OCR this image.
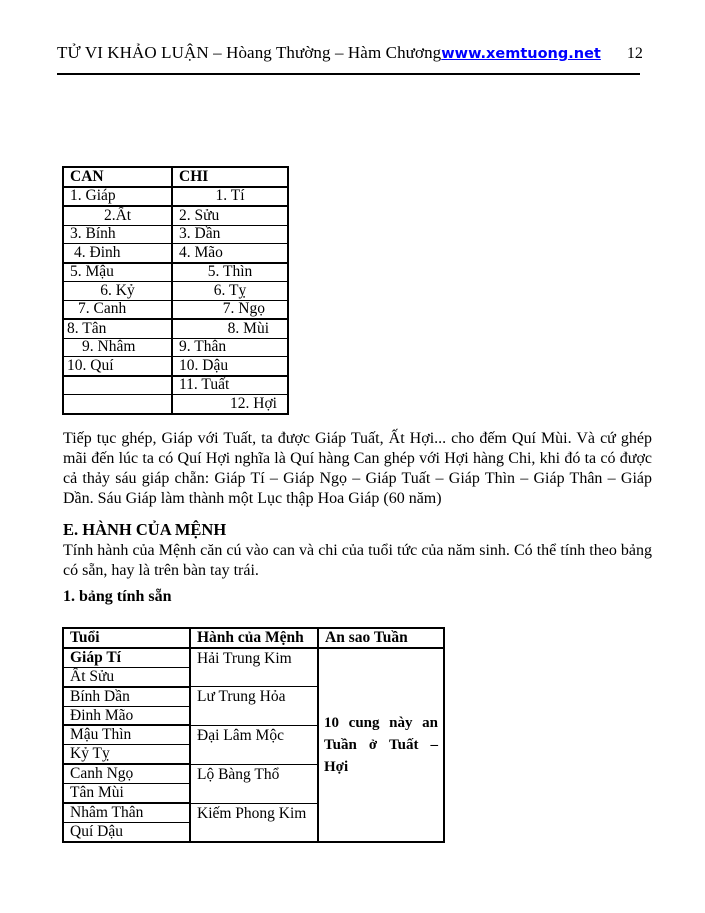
TỬ VI KHẢO LUẬN – Hòang Thường – Hàm Chương www.xemtuong.net 12
CAN	CHI
1. Giáp	1. Tí
2.Ất	2. Sửu
3. Bính	3. Dần
4. Đinh	4. Mão
5. Mậu	5. Thìn
6. Kỷ	6. Tỵ
7. Canh	7. Ngọ
8. Tân	8. Mùi
9. Nhâm	9. Thân
10. Quí	10. Dậu
	11. Tuất
	12. Hợi
Tiếp tục ghép, Giáp với Tuất, ta được Giáp Tuất, Ất Hợi... cho đếm Quí Mùi. Và cứ ghép mãi đến lúc ta có Quí Hợi nghĩa là Quí hàng Can ghép với Hợi hàng Chi, khi đó ta có được cả thảy sáu giáp chẵn: Giáp Tí – Giáp Ngọ – Giáp Tuất – Giáp Thìn – Giáp Thân – Giáp Dần. Sáu Giáp làm thành một Lục thập Hoa Giáp (60 năm)
E. HÀNH CỦA MỆNH
Tính hành của Mệnh căn cú vào can và chi của tuổi tức của năm sinh. Có thể tính theo bảng có sẵn, hay là trên bàn tay trái.
1. bảng tính sẵn
Tuổi	Hành của Mệnh	An sao Tuần
Giáp Tí	Hải Trung Kim	10 cung này an Tuần ở Tuất – Hợi
Ất Sửu		
Bính Dần	Lư Trung Hỏa	
Đinh Mão		
Mậu Thìn	Đại Lâm Mộc	
Kỷ Tỵ		
Canh Ngọ	Lộ Bàng Thổ	
Tân Mùi		
Nhâm Thân	Kiếm Phong Kim	
Quí Dậu		
